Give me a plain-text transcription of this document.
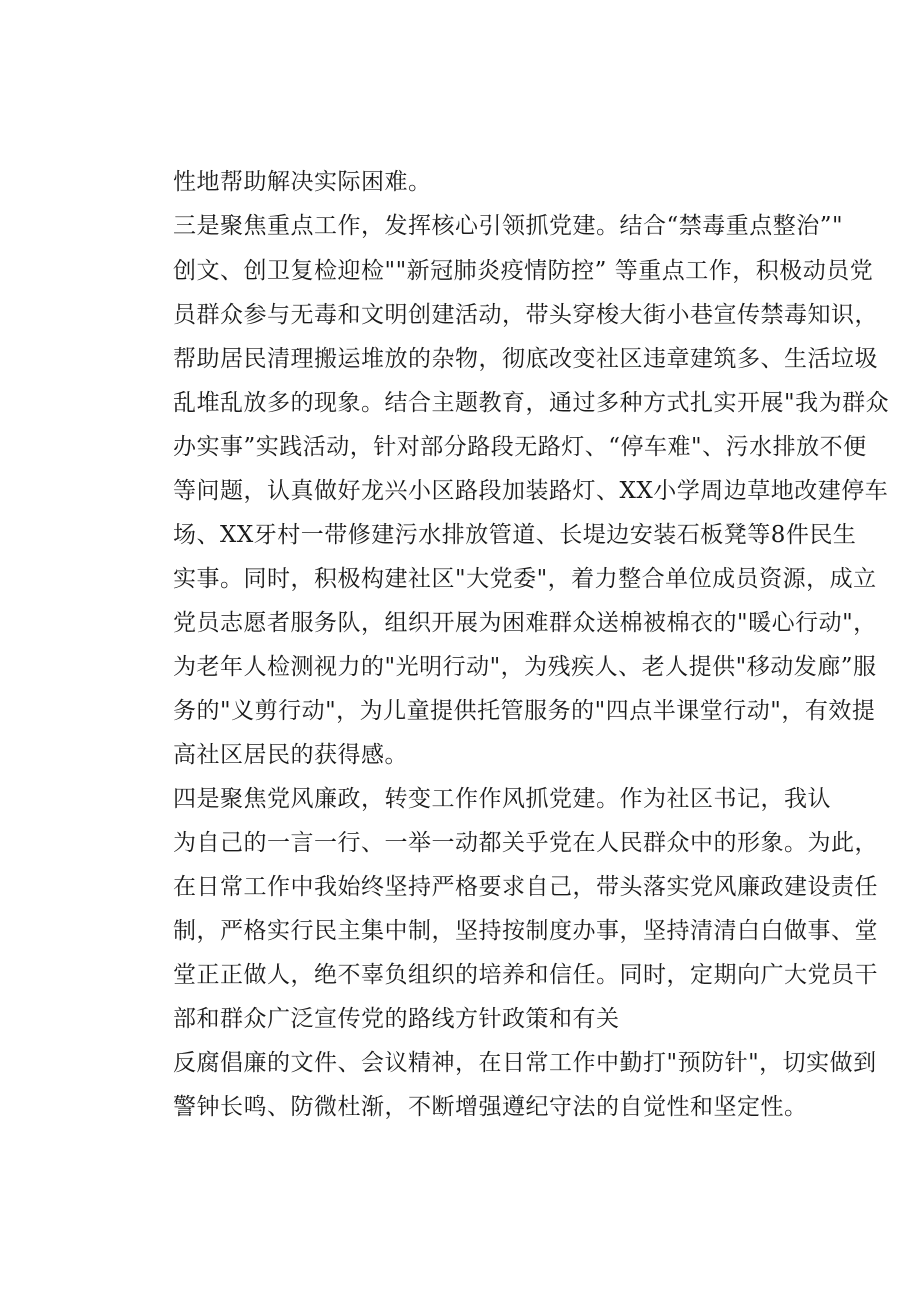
性地帮助解决实际困难。
三是聚焦重点工作，发挥核心引领抓党建。结合“禁毒重点整治”"
创文、创卫复检迎检""新冠肺炎疫情防控” 等重点工作，积极动员党
员群众参与无毒和文明创建活动，带头穿梭大街小巷宣传禁毒知识，
帮助居民清理搬运堆放的杂物，彻底改变社区违章建筑多、生活垃圾
乱堆乱放多的现象。结合主题教育，通过多种方式扎实开展"我为群众
办实事”实践活动，针对部分路段无路灯、“停车难"、污水排放不便
等问题，认真做好龙兴小区路段加装路灯、XX小学周边草地改建停车
场、XX牙村一带修建污水排放管道、长堤边安装石板凳等8件民生
实事。同时，积极构建社区"大党委"，着力整合单位成员资源，成立
党员志愿者服务队，组织开展为困难群众送棉被棉衣的"暖心行动"，
为老年人检测视力的"光明行动"，为残疾人、老人提供"移动发廊”服
务的"义剪行动"，为儿童提供托管服务的"四点半课堂行动"，有效提
高社区居民的获得感。
四是聚焦党风廉政，转变工作作风抓党建。作为社区书记，我认
为自己的一言一行、一举一动都关乎党在人民群众中的形象。为此，
在日常工作中我始终坚持严格要求自己，带头落实党风廉政建设责任
制，严格实行民主集中制，坚持按制度办事，坚持清清白白做事、堂
堂正正做人，绝不辜负组织的培养和信任。同时，定期向广大党员干
部和群众广泛宣传党的路线方针政策和有关
反腐倡廉的文件、会议精神，在日常工作中勤打"预防针"，切实做到
警钟长鸣、防微杜渐，不断增强遵纪守法的自觉性和坚定性。
